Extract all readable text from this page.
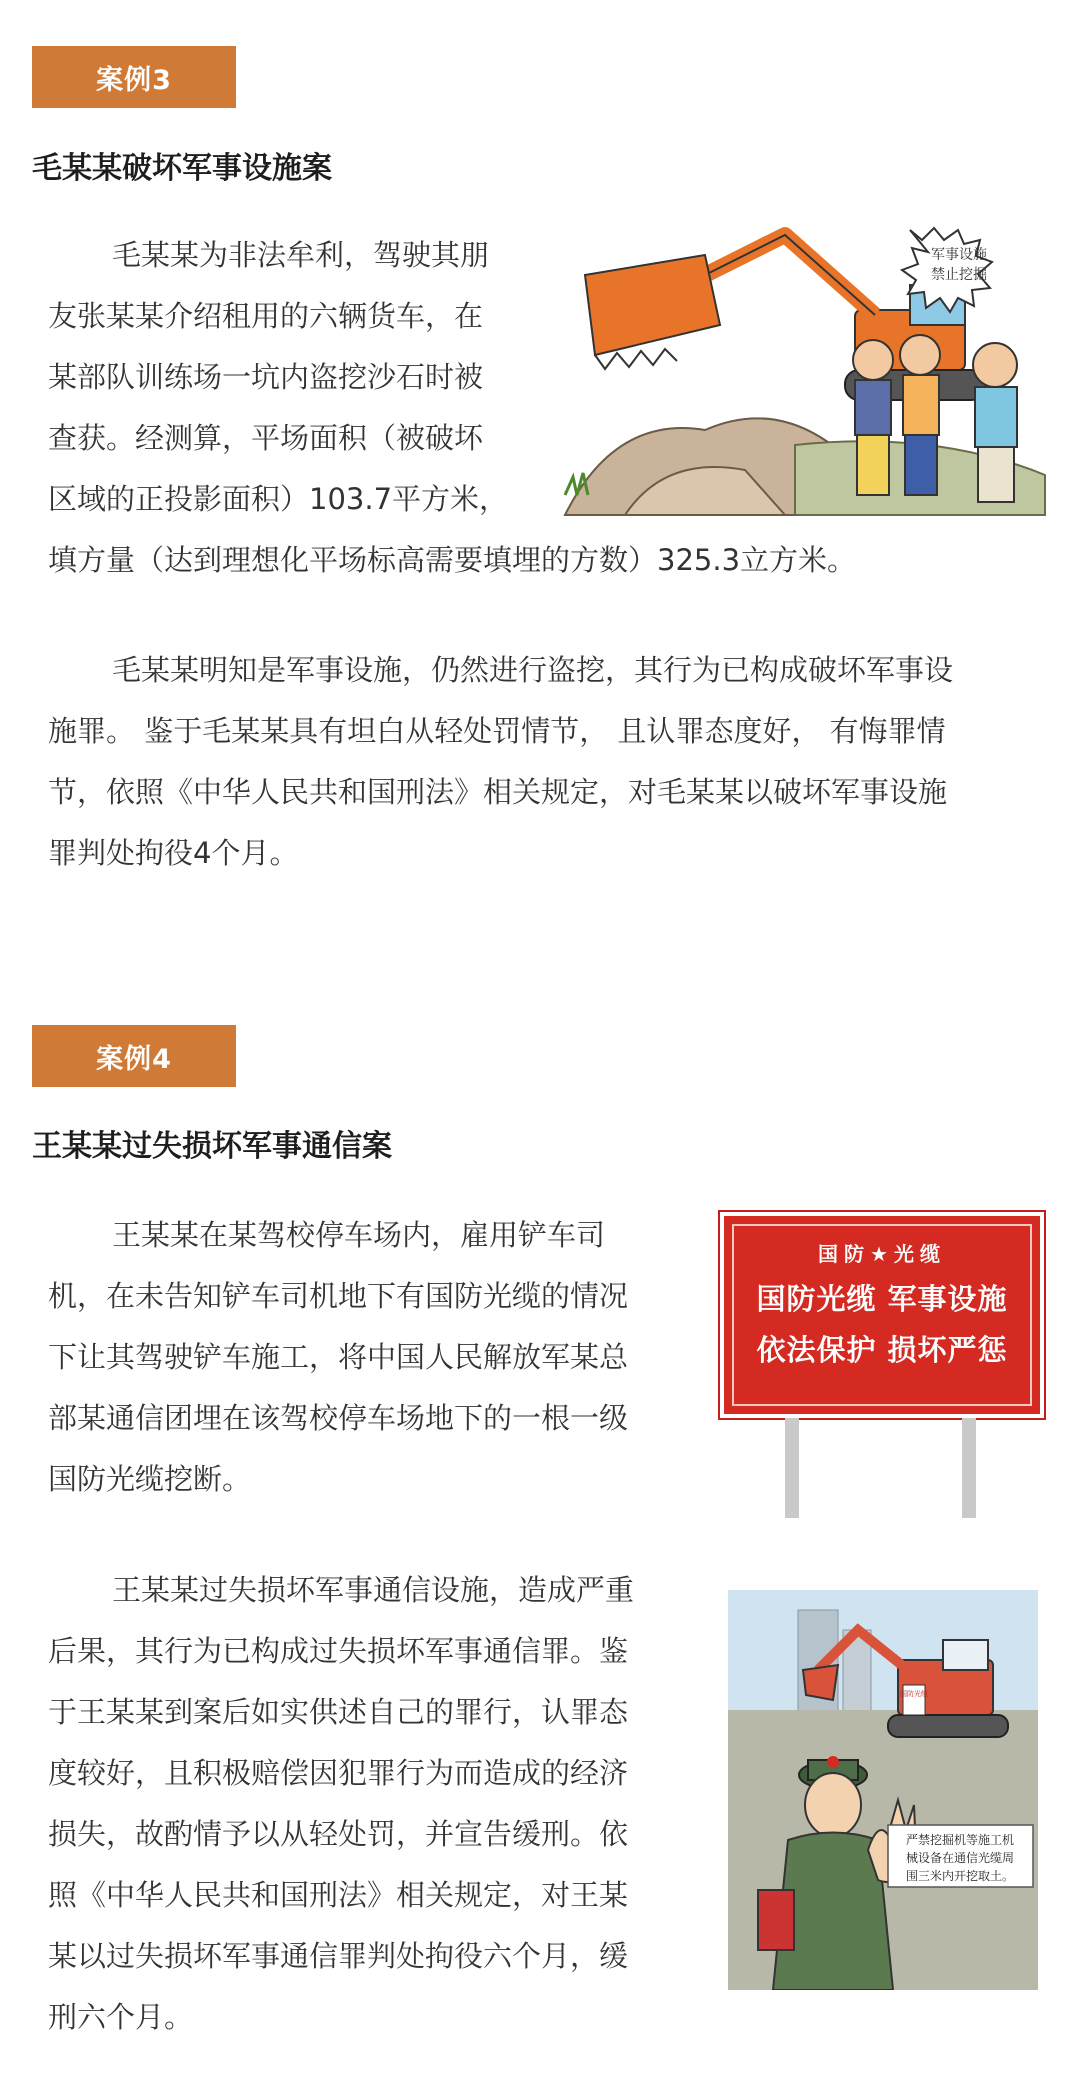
案例3
毛某某破坏军事设施案
毛某某为非法牟利，驾驶其朋
友张某某介绍租用的六辆货车，在
某部队训练场一坑内盗挖沙石时被
查获。经测算，平场面积（被破坏
区域的正投影面积）103.7平方米，
填方量（达到理想化平场标高需要填埋的方数）325.3立方米。
军事设施
禁止挖掘
毛某某明知是军事设施，仍然进行盗挖，其行为已构成破坏军事设
施罪。 鉴于毛某某具有坦白从轻处罚情节， 且认罪态度好， 有悔罪情
节，依照《中华人民共和国刑法》相关规定，对毛某某以破坏军事设施
罪判处拘役4个月。
案例4
王某某过失损坏军事通信案
王某某在某驾校停车场内，雇用铲车司
机，在未告知铲车司机地下有国防光缆的情况
下让其驾驶铲车施工，将中国人民解放军某总
部某通信团埋在该驾校停车场地下的一根一级
国防光缆挖断。
国防★光缆
国防光缆 军事设施
依法保护 损坏严惩
王某某过失损坏军事通信设施，造成严重
后果，其行为已构成过失损坏军事通信罪。鉴
于王某某到案后如实供述自己的罪行，认罪态
度较好，且积极赔偿因犯罪行为而造成的经济
损失，故酌情予以从轻处罚，并宣告缓刑。依
照《中华人民共和国刑法》相关规定，对王某
某以过失损坏军事通信罪判处拘役六个月，缓
刑六个月。
国防光缆
严禁挖掘机等施工机
械设备在通信光缆周
围三米内开挖取土。
